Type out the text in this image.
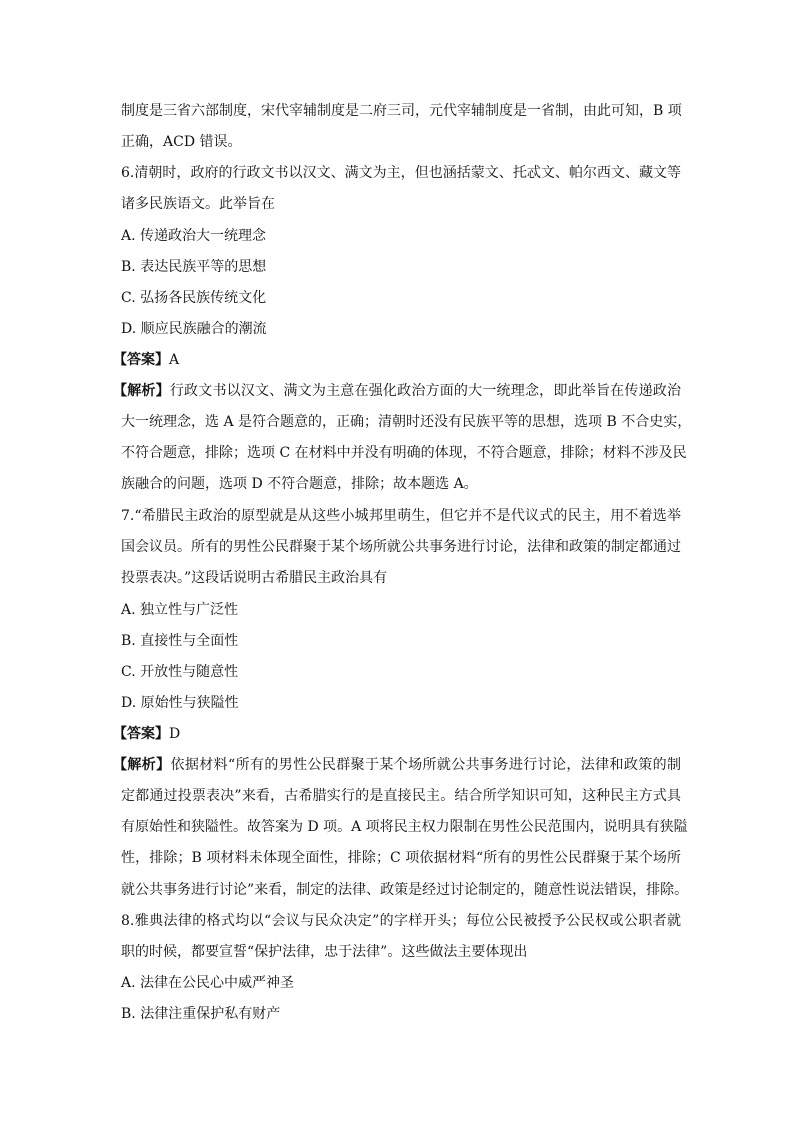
制度是三省六部制度，宋代宰辅制度是二府三司，元代宰辅制度是一省制，由此可知，B 项
正确，ACD 错误。
6.清朝时，政府的行政文书以汉文、满文为主，但也涵括蒙文、托忒文、帕尔西文、藏文等
诸多民族语文。此举旨在
A. 传递政治大一统理念
B. 表达民族平等的思想
C. 弘扬各民族传统文化
D. 顺应民族融合的潮流
【答案】A
【解析】行政文书以汉文、满文为主意在强化政治方面的大一统理念，即此举旨在传递政治
大一统理念，选 A 是符合题意的，正确；清朝时还没有民族平等的思想，选项 B 不合史实，
不符合题意，排除；选项 C 在材料中并没有明确的体现，不符合题意，排除；材料不涉及民
族融合的问题，选项 D 不符合题意，排除；故本题选 A。
7.“希腊民主政治的原型就是从这些小城邦里萌生，但它并不是代议式的民主，用不着选举
国会议员。所有的男性公民群聚于某个场所就公共事务进行讨论，法律和政策的制定都通过
投票表决。”这段话说明古希腊民主政治具有
A. 独立性与广泛性
B. 直接性与全面性
C. 开放性与随意性
D. 原始性与狭隘性
【答案】D
【解析】依据材料“所有的男性公民群聚于某个场所就公共事务进行讨论，法律和政策的制
定都通过投票表决”来看，古希腊实行的是直接民主。结合所学知识可知，这种民主方式具
有原始性和狭隘性。故答案为 D 项。A 项将民主权力限制在男性公民范围内，说明具有狭隘
性，排除；B 项材料未体现全面性，排除；C 项依据材料“所有的男性公民群聚于某个场所
就公共事务进行讨论”来看，制定的法律、政策是经过讨论制定的，随意性说法错误，排除。
8.雅典法律的格式均以“会议与民众决定”的字样开头；每位公民被授予公民权或公职者就
职的时候，都要宣誓“保护法律，忠于法律”。这些做法主要体现出
A. 法律在公民心中威严神圣
B. 法律注重保护私有财产
